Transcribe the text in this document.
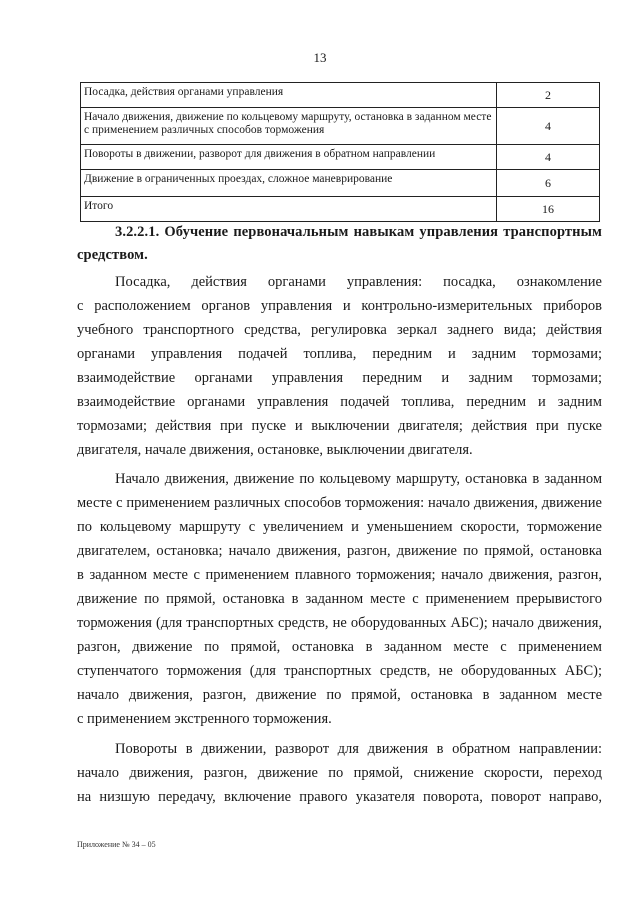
13
Посадка, действия органами управления	2
Начало движения, движение по кольцевому маршруту, остановка в заданном месте с применением различных способов торможения	4
Повороты в движении, разворот для движения в обратном направлении	4
Движение в ограниченных проездах, сложное маневрирование	6
Итого	16
3.2.2.1. Обучение первоначальным навыкам управления транспортным средством.
Посадка, действия органами управления: посадка, ознакомление
с расположением органов управления и контрольно-измерительных приборов
учебного транспортного средства, регулировка зеркал заднего вида; действия
органами управления подачей топлива, передним и задним тормозами;
взаимодействие органами управления передним и задним тормозами;
взаимодействие органами управления подачей топлива, передним и задним
тормозами; действия при пуске и выключении двигателя; действия при пуске
двигателя, начале движения, остановке, выключении двигателя.
Начало движения, движение по кольцевому маршруту, остановка в заданном
месте с применением различных способов торможения: начало движения, движение
по кольцевому маршруту с увеличением и уменьшением скорости, торможение
двигателем, остановка; начало движения, разгон, движение по прямой, остановка
в заданном месте с применением плавного торможения; начало движения, разгон,
движение по прямой, остановка в заданном месте с применением прерывистого
торможения (для транспортных средств, не оборудованных АБС); начало движения,
разгон, движение по прямой, остановка в заданном месте с применением
ступенчатого торможения (для транспортных средств, не оборудованных АБС);
начало движения, разгон, движение по прямой, остановка в заданном месте
с применением экстренного торможения.
Повороты в движении, разворот для движения в обратном направлении:
начало движения, разгон, движение по прямой, снижение скорости, переход
на низшую передачу, включение правого указателя поворота, поворот направо,
Приложение № 34 – 05
